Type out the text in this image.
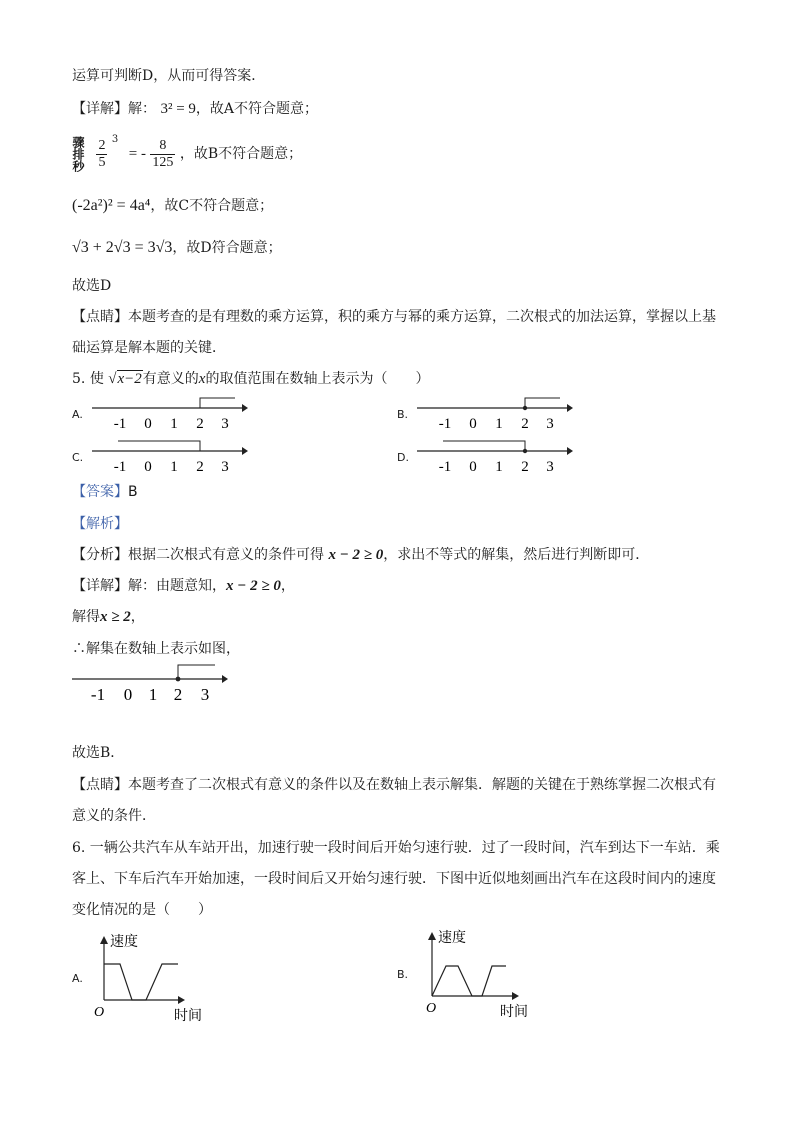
运算可判断D，从而可得答案．
【详解】解： 3² = 9，故A不符合题意；
骤排秒
$\frac{2}{5} ^3$ = - $\frac{8}{125}$ ，故B不符合题意；
(-2a²)² = 4a⁴，故C不符合题意；
√3 + 2√3 = 3√3，故D符合题意；
故选D
【点睛】本题考查的是有理数的乘方运算，积的乘方与幂的乘方运算，二次根式的加法运算，掌握以上基
础运算是解本题的关键．
5. 使 √x−2有意义的x的取值范围在数轴上表示为（　　）
A.	B.
C.	D.
-1 0 1 2 3	-1 0 1 2 3
-1 0 1 2 3	-1 0 1 2 3
【答案】B
【解析】
【分析】根据二次根式有意义的条件可得 x − 2 ≥ 0，求出不等式的解集，然后进行判断即可．
【详解】解：由题意知，x − 2 ≥ 0，
解得x ≥ 2，
∴解集在数轴上表示如图，
-1 0 1 2 3
故选B．
【点睛】本题考查了二次根式有意义的条件以及在数轴上表示解集．解题的关键在于熟练掌握二次根式有
意义的条件．
6. 一辆公共汽车从车站开出，加速行驶一段时间后开始匀速行驶．过了一段时间，汽车到达下一车站．乘
客上、下车后汽车开始加速，一段时间后又开始匀速行驶．下图中近似地刻画出汽车在这段时间内的速度
变化情况的是（　　）
A.
速度
时间
O
B.
速度
时间
O
